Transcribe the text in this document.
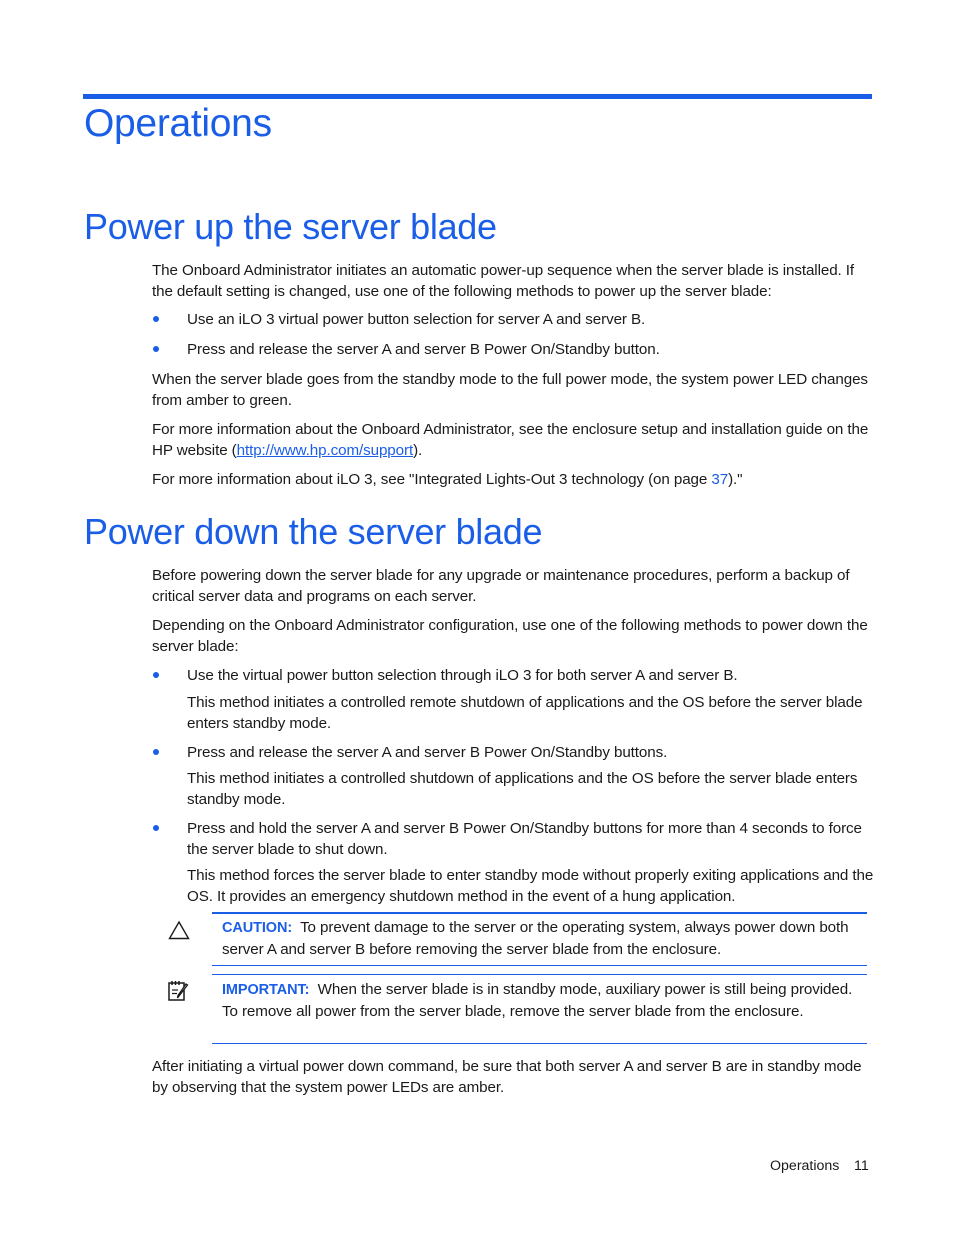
Operations
Power up the server blade

The Onboard Administrator initiates an automatic power-up sequence when the server blade is installed. If the default setting is changed, use one of the following methods to power up the server blade:

Use an iLO 3 virtual power button selection for server A and server B.

Press and release the server A and server B Power On/Standby button.

When the server blade goes from the standby mode to the full power mode, the system power LED changes from amber to green.

For more information about the Onboard Administrator, see the enclosure setup and installation guide on the HP website (http://www.hp.com/support).

For more information about iLO 3, see "Integrated Lights-Out 3 technology (on page 37)."

Power down the server blade

Before powering down the server blade for any upgrade or maintenance procedures, perform a backup of critical server data and programs on each server.

Depending on the Onboard Administrator configuration, use one of the following methods to power down the server blade:

Use the virtual power button selection through iLO 3 for both server A and server B.

This method initiates a controlled remote shutdown of applications and the OS before the server blade enters standby mode.

Press and release the server A and server B Power On/Standby buttons.

This method initiates a controlled shutdown of applications and the OS before the server blade enters standby mode.

Press and hold the server A and server B Power On/Standby buttons for more than 4 seconds to force the server blade to shut down.

This method forces the server blade to enter standby mode without properly exiting applications and the OS. It provides an emergency shutdown method in the event of a hung application.

CAUTION: To prevent damage to the server or the operating system, always power down both server A and server B before removing the server blade from the enclosure.

IMPORTANT: When the server blade is in standby mode, auxiliary power is still being provided. To remove all power from the server blade, remove the server blade from the enclosure.

After initiating a virtual power down command, be sure that both server A and server B are in standby mode by observing that the system power LEDs are amber.

Operations 11
